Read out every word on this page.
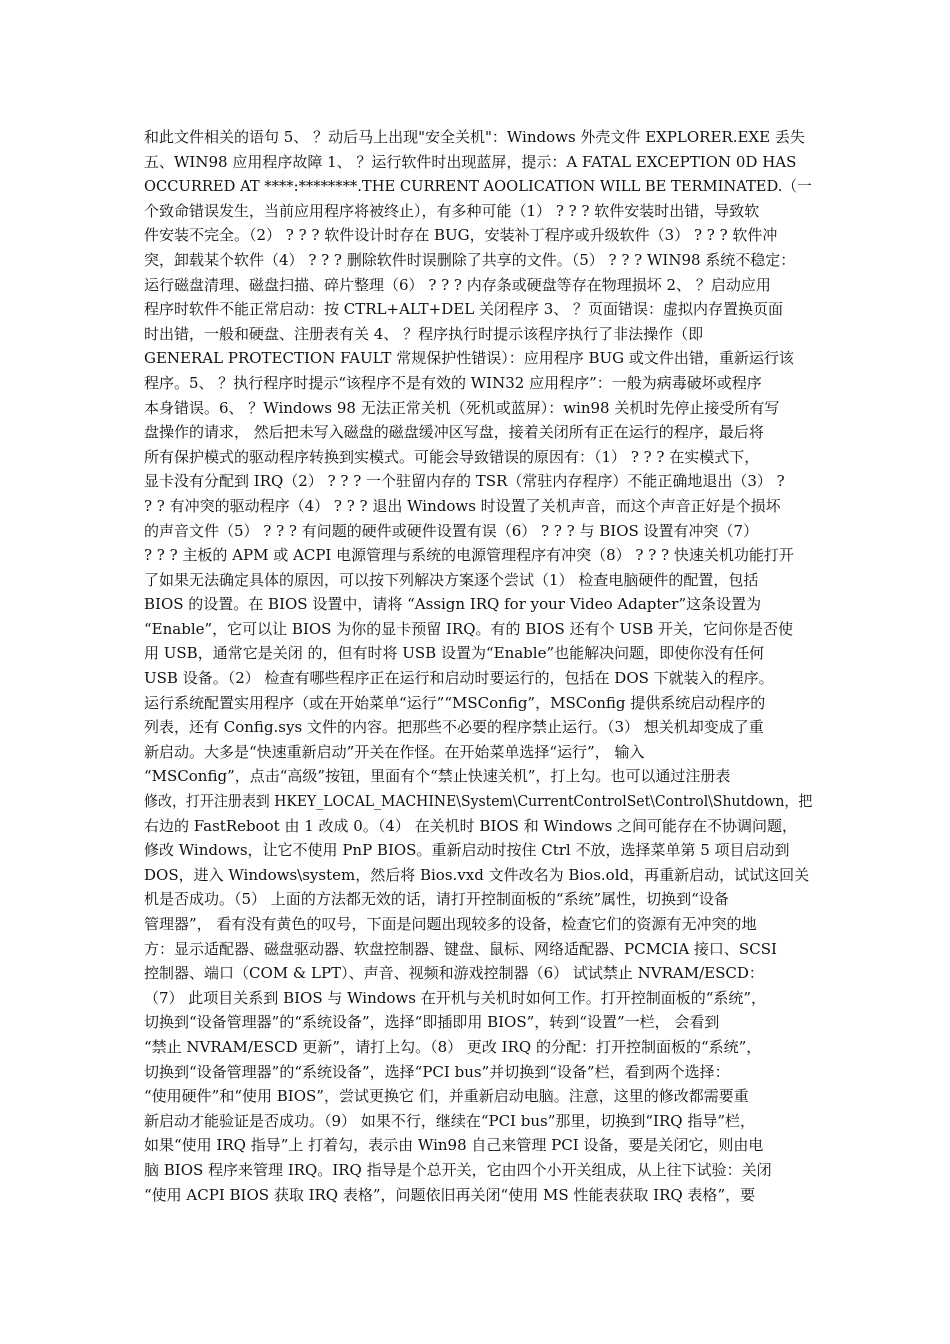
和此文件相关的语句 5、 ？动后马上出现"安全关机"：Windows 外壳文件 EXPLORER.EXE 丢失
五、WIN98 应用程序故障 1、 ？运行软件时出现蓝屏，提示：A FATAL EXCEPTION 0D HAS
OCCURRED AT ****:********.THE CURRENT AOOLICATION WILL BE TERMINATED.（一
个致命错误发生，当前应用程序将被终止），有多种可能（1） ? ? ? 软件安装时出错，导致软
件安装不完全。（2） ? ? ? 软件设计时存在 BUG，安装补丁程序或升级软件（3） ? ? ? 软件冲
突，卸载某个软件（4） ? ? ? 删除软件时误删除了共享的文件。（5） ? ? ? WIN98 系统不稳定：
运行磁盘清理、磁盘扫描、碎片整理（6） ? ? ? 内存条或硬盘等存在物理损坏 2、 ？启动应用
程序时软件不能正常启动：按 CTRL+ALT+DEL 关闭程序 3、 ？页面错误：虚拟内存置换页面
时出错，一般和硬盘、注册表有关 4、 ？程序执行时提示该程序执行了非法操作（即
GENERAL PROTECTION FAULT 常规保护性错误）：应用程序 BUG 或文件出错，重新运行该
程序。5、 ？执行程序时提示“该程序不是有效的 WIN32 应用程序”：一般为病毒破坏或程序
本身错误。6、 ？Windows 98 无法正常关机（死机或蓝屏）：win98 关机时先停止接受所有写
盘操作的请求， 然后把未写入磁盘的磁盘缓冲区写盘，接着关闭所有正在运行的程序，最后将
所有保护模式的驱动程序转换到实模式。可能会导致错误的原因有：（1） ? ? ? 在实模式下，
显卡没有分配到 IRQ（2） ? ? ? 一个驻留内存的 TSR（常驻内存程序）不能正确地退出（3） ?
? ? 有冲突的驱动程序（4） ? ? ? 退出 Windows 时设置了关机声音，而这个声音正好是个损坏
的声音文件（5） ? ? ? 有问题的硬件或硬件设置有误（6） ? ? ? 与 BIOS 设置有冲突（7）
? ? ? 主板的 APM 或 ACPI 电源管理与系统的电源管理程序有冲突（8） ? ? ? 快速关机功能打开
了如果无法确定具体的原因，可以按下列解决方案逐个尝试（1） 检查电脑硬件的配置，包括
BIOS 的设置。在 BIOS 设置中，请将 “Assign IRQ for your Video Adapter”这条设置为
“Enable”，它可以让 BIOS 为你的显卡预留 IRQ。有的 BIOS 还有个 USB 开关，它问你是否使
用 USB，通常它是关闭 的，但有时将 USB 设置为“Enable”也能解决问题，即使你没有任何
USB 设备。（2） 检查有哪些程序正在运行和启动时要运行的，包括在 DOS 下就装入的程序。
运行系统配置实用程序（或在开始菜单“运行”“MSConfig”，MSConfig 提供系统启动程序的
列表，还有 Config.sys 文件的内容。把那些不必要的程序禁止运行。（3） 想关机却变成了重
新启动。大多是“快速重新启动”开关在作怪。在开始菜单选择“运行”， 输入
“MSConfig”，点击“高级”按钮，里面有个“禁止快速关机”，打上勾。也可以通过注册表
修改，打开注册表到 HKEY_LOCAL_MACHINE\System\CurrentControlSet\Control\Shutdown，把
右边的 FastReboot 由 1 改成 0。（4） 在关机时 BIOS 和 Windows 之间可能存在不协调问题，
修改 Windows，让它不使用 PnP BIOS。重新启动时按住 Ctrl 不放，选择菜单第 5 项目启动到
DOS，进入 Windows\system，然后将 Bios.vxd 文件改名为 Bios.old，再重新启动，试试这回关
机是否成功。（5） 上面的方法都无效的话，请打开控制面板的“系统”属性，切换到“设备
管理器”， 看有没有黄色的叹号，下面是问题出现较多的设备，检查它们的资源有无冲突的地
方：显示适配器、磁盘驱动器、软盘控制器、键盘、鼠标、网络适配器、PCMCIA 接口、SCSI
控制器、端口（COM & LPT）、声音、视频和游戏控制器（6） 试试禁止 NVRAM/ESCD：
（7） 此项目关系到 BIOS 与 Windows 在开机与关机时如何工作。打开控制面板的“系统”，
切换到“设备管理器”的“系统设备”，选择“即插即用 BIOS”，转到“设置”一栏， 会看到
“禁止 NVRAM/ESCD 更新”，请打上勾。（8） 更改 IRQ 的分配：打开控制面板的“系统”，
切换到“设备管理器”的“系统设备”，选择“PCI bus”并切换到“设备”栏，看到两个选择：
“使用硬件”和“使用 BIOS”，尝试更换它 们，并重新启动电脑。注意，这里的修改都需要重
新启动才能验证是否成功。（9） 如果不行，继续在“PCI bus”那里，切换到“IRQ 指导”栏，
如果“使用 IRQ 指导”上 打着勾，表示由 Win98 自己来管理 PCI 设备，要是关闭它，则由电
脑 BIOS 程序来管理 IRQ。IRQ 指导是个总开关，它由四个小开关组成，从上往下试验：关闭
“使用 ACPI BIOS 获取 IRQ 表格”，问题依旧再关闭“使用 MS 性能表获取 IRQ 表格”，要
